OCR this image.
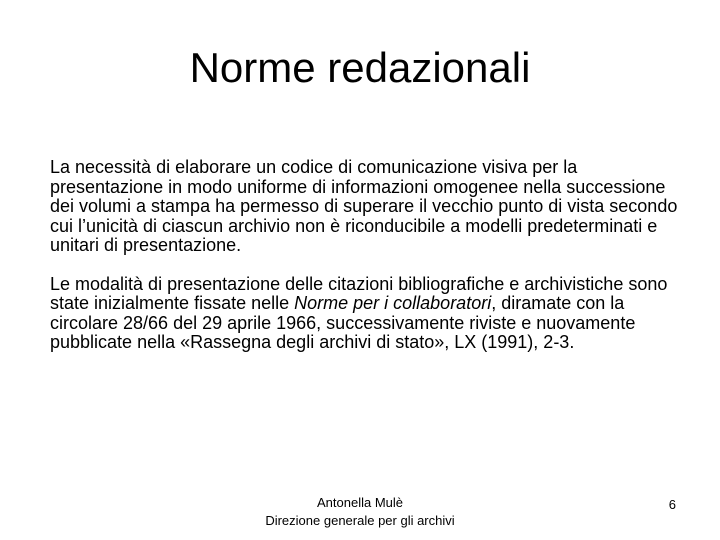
Norme redazionali

La necessità di elaborare un codice di comunicazione visiva per la presentazione in modo uniforme di informazioni omogenee nella successione dei volumi a stampa ha permesso di superare il vecchio punto di vista secondo cui l’unicità di ciascun archivio non è riconducibile a modelli predeterminati e unitari di presentazione.

Le modalità di presentazione delle citazioni bibliografiche e archivistiche sono state inizialmente fissate nelle Norme per i collaboratori, diramate con la circolare 28/66 del 29 aprile 1966, successivamente riviste e nuovamente pubblicate nella «Rassegna degli archivi di stato», LX (1991), 2-3.

Antonella Mulè
Direzione generale per gli archivi
6
